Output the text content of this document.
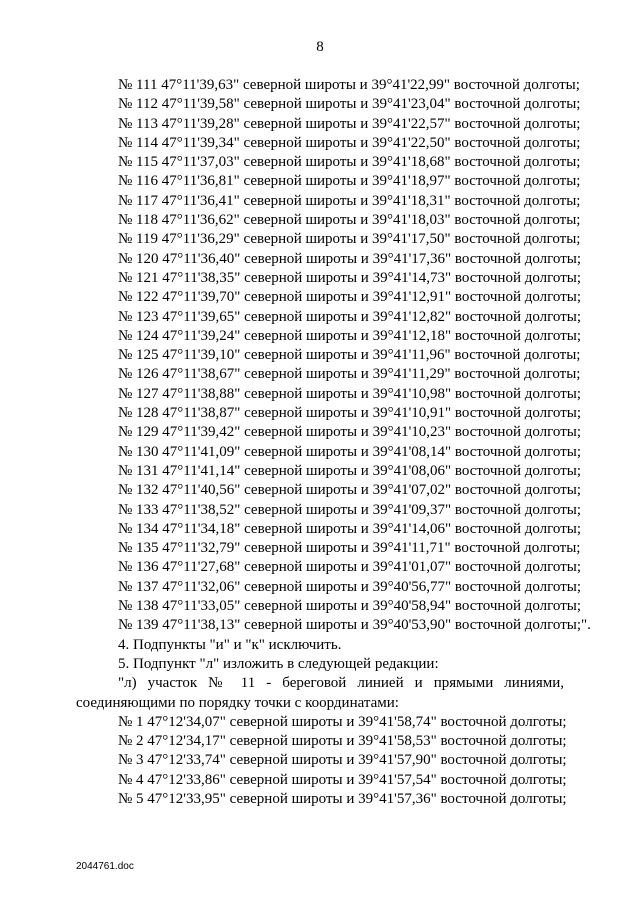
8
№ 111 47°11'39,63" северной широты и 39°41'22,99" восточной долготы;
№ 112 47°11'39,58" северной широты и 39°41'23,04" восточной долготы;
№ 113 47°11'39,28" северной широты и 39°41'22,57" восточной долготы;
№ 114 47°11'39,34" северной широты и 39°41'22,50" восточной долготы;
№ 115 47°11'37,03" северной широты и 39°41'18,68" восточной долготы;
№ 116 47°11'36,81" северной широты и 39°41'18,97" восточной долготы;
№ 117 47°11'36,41" северной широты и 39°41'18,31" восточной долготы;
№ 118 47°11'36,62" северной широты и 39°41'18,03" восточной долготы;
№ 119 47°11'36,29" северной широты и 39°41'17,50" восточной долготы;
№ 120 47°11'36,40" северной широты и 39°41'17,36" восточной долготы;
№ 121 47°11'38,35" северной широты и 39°41'14,73" восточной долготы;
№ 122 47°11'39,70" северной широты и 39°41'12,91" восточной долготы;
№ 123 47°11'39,65" северной широты и 39°41'12,82" восточной долготы;
№ 124 47°11'39,24" северной широты и 39°41'12,18" восточной долготы;
№ 125 47°11'39,10" северной широты и 39°41'11,96" восточной долготы;
№ 126 47°11'38,67" северной широты и 39°41'11,29" восточной долготы;
№ 127 47°11'38,88" северной широты и 39°41'10,98" восточной долготы;
№ 128 47°11'38,87" северной широты и 39°41'10,91" восточной долготы;
№ 129 47°11'39,42" северной широты и 39°41'10,23" восточной долготы;
№ 130 47°11'41,09" северной широты и 39°41'08,14" восточной долготы;
№ 131 47°11'41,14" северной широты и 39°41'08,06" восточной долготы;
№ 132 47°11'40,56" северной широты и 39°41'07,02" восточной долготы;
№ 133 47°11'38,52" северной широты и 39°41'09,37" восточной долготы;
№ 134 47°11'34,18" северной широты и 39°41'14,06" восточной долготы;
№ 135 47°11'32,79" северной широты и 39°41'11,71" восточной долготы;
№ 136 47°11'27,68" северной широты и 39°41'01,07" восточной долготы;
№ 137 47°11'32,06" северной широты и 39°40'56,77" восточной долготы;
№ 138 47°11'33,05" северной широты и 39°40'58,94" восточной долготы;
№ 139 47°11'38,13" северной широты и 39°40'53,90" восточной долготы;".
4. Подпункты "и" и "к" исключить.
5. Подпункт "л" изложить в следующей редакции:
"л) участок № 11 - береговой линией и прямыми линиями,
соединяющими по порядку точки с координатами:
№ 1 47°12'34,07" северной широты и 39°41'58,74" восточной долготы;
№ 2 47°12'34,17" северной широты и 39°41'58,53" восточной долготы;
№ 3 47°12'33,74" северной широты и 39°41'57,90" восточной долготы;
№ 4 47°12'33,86" северной широты и 39°41'57,54" восточной долготы;
№ 5 47°12'33,95" северной широты и 39°41'57,36" восточной долготы;
2044761.doc
